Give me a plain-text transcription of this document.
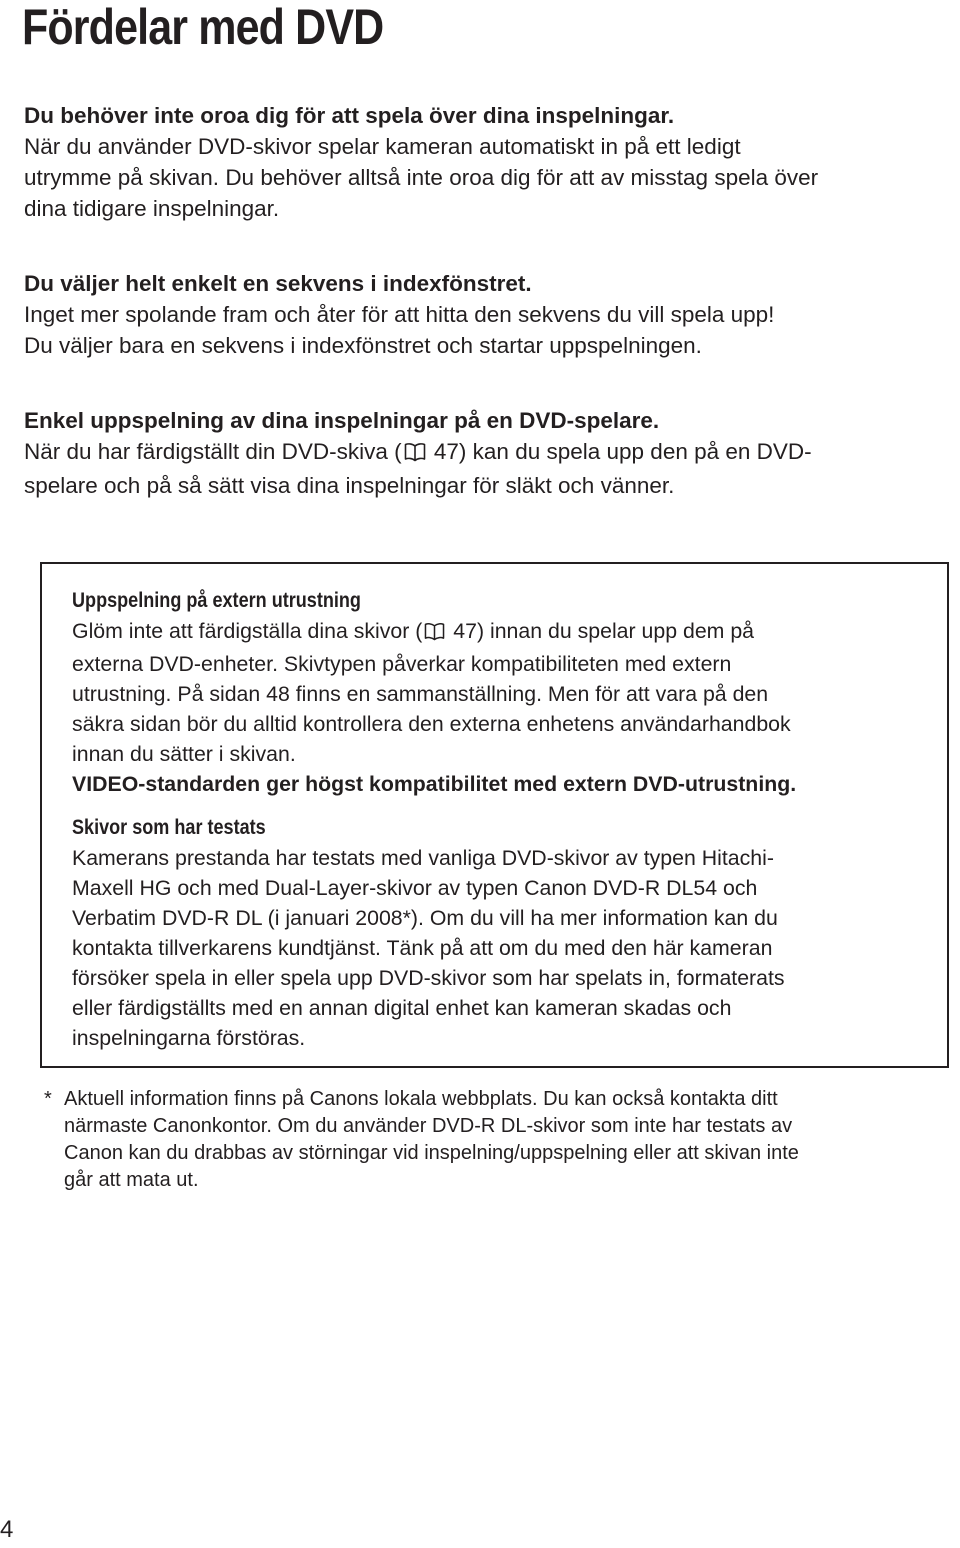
Fördelar med DVD
Du behöver inte oroa dig för att spela över dina inspelningar.
När du använder DVD-skivor spelar kameran automatiskt in på ett ledigt
utrymme på skivan. Du behöver alltså inte oroa dig för att av misstag spela över
dina tidigare inspelningar.
Du väljer helt enkelt en sekvens i indexfönstret.
Inget mer spolande fram och åter för att hitta den sekvens du vill spela upp!
Du väljer bara en sekvens i indexfönstret och startar uppspelningen.
Enkel uppspelning av dina inspelningar på en DVD-spelare.
När du har färdigställt din DVD-skiva ( 47) kan du spela upp den på en DVD-
spelare och på så sätt visa dina inspelningar för släkt och vänner.
Uppspelning på extern utrustning
Glöm inte att färdigställa dina skivor ( 47) innan du spelar upp dem på
externa DVD-enheter. Skivtypen påverkar kompatibiliteten med extern
utrustning. På sidan 48 finns en sammanställning. Men för att vara på den
säkra sidan bör du alltid kontrollera den externa enhetens användarhandbok
innan du sätter i skivan.
VIDEO-standarden ger högst kompatibilitet med extern DVD-utrustning.
Skivor som har testats
Kamerans prestanda har testats med vanliga DVD-skivor av typen Hitachi-
Maxell HG och med Dual-Layer-skivor av typen Canon DVD-R DL54 och
Verbatim DVD-R DL (i januari 2008*). Om du vill ha mer information kan du
kontakta tillverkarens kundtjänst. Tänk på att om du med den här kameran
försöker spela in eller spela upp DVD-skivor som har spelats in, formaterats
eller färdigställts med en annan digital enhet kan kameran skadas och
inspelningarna förstöras.
* Aktuell information finns på Canons lokala webbplats. Du kan också kontakta ditt
närmaste Canonkontor. Om du använder DVD-R DL-skivor som inte har testats av
Canon kan du drabbas av störningar vid inspelning/uppspelning eller att skivan inte
går att mata ut.
4
